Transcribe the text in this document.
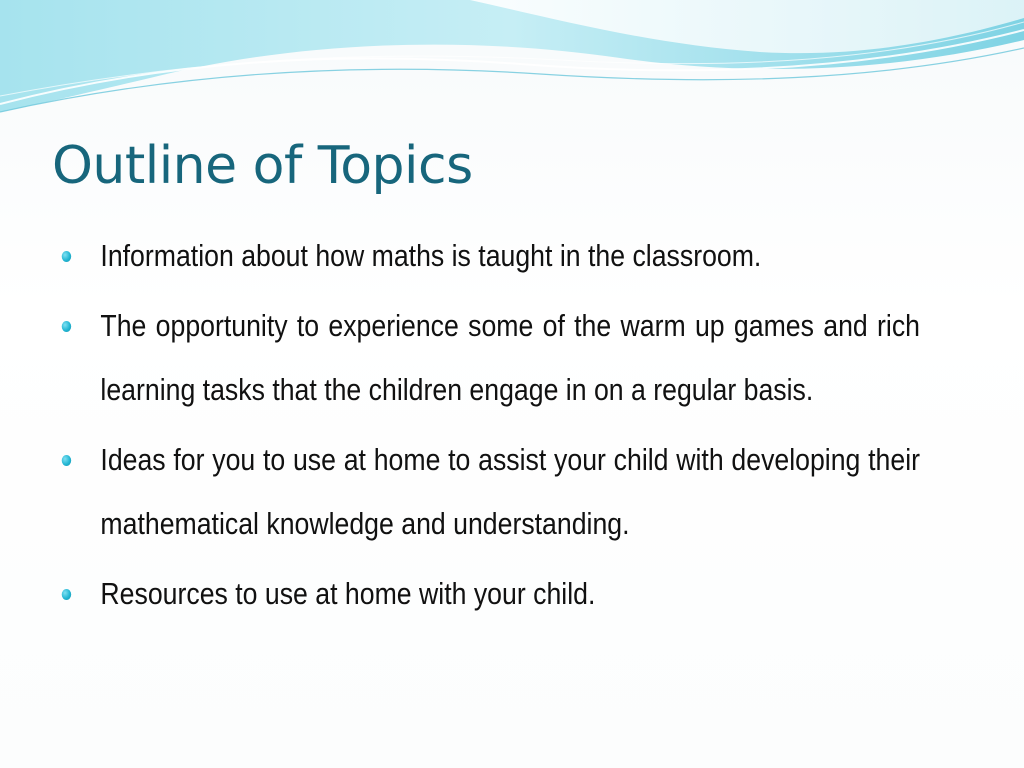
Outline of Topics
Information about how maths is taught in the classroom.
The opportunity to experience some of the warm up games and rich learning tasks that the children engage in on a regular basis.
Ideas for you to use at home to assist your child with developing their mathematical knowledge and understanding.
Resources to use at home with your child.
